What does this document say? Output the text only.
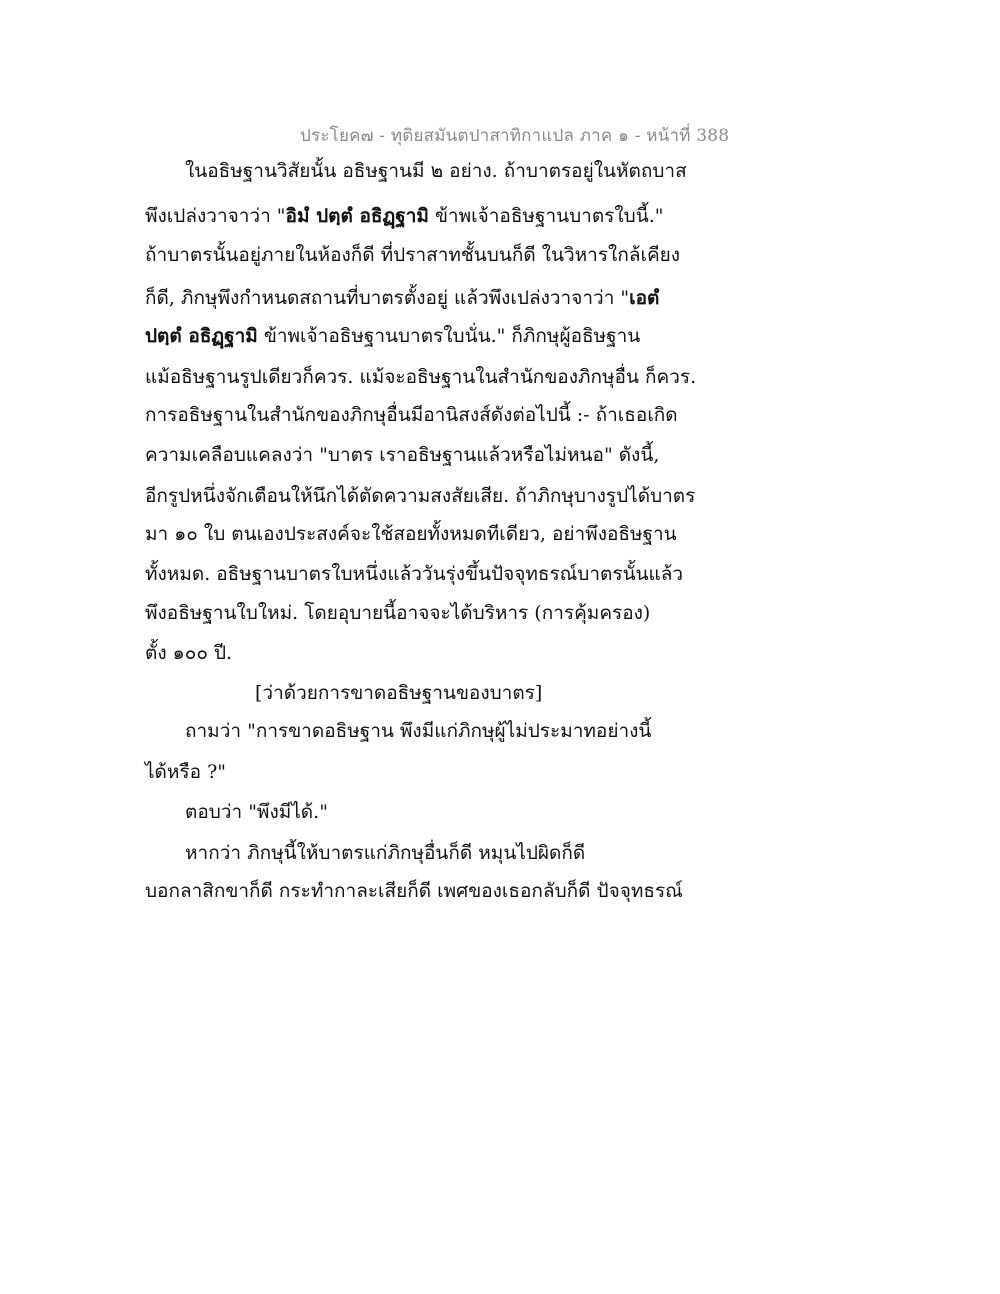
ประโยค๗ - ทุติยสมันตปาสาทิกาแปล ภาค ๑ - หน้าที่ 388
ในอธิษฐานวิสัยนั้น อธิษฐานมี ๒ อย่าง. ถ้าบาตรอยู่ในหัตถบาส
พึงเปล่งวาจาว่า "อิมํ ปตฺตํ อธิฏฺฐามิ ข้าพเจ้าอธิษฐานบาตรใบนี้."
ถ้าบาตรนั้นอยู่ภายในห้องก็ดี ที่ปราสาทชั้นบนก็ดี ในวิหารใกล้เคียง
ก็ดี, ภิกษุพึงกำหนดสถานที่บาตรตั้งอยู่ แล้วพึงเปล่งวาจาว่า "เอตํ
ปตฺตํ อธิฏฺฐามิ ข้าพเจ้าอธิษฐานบาตรใบนั่น." ก็ภิกษุผู้อธิษฐาน
แม้อธิษฐานรูปเดียวก็ควร. แม้จะอธิษฐานในสำนักของภิกษุอื่น ก็ควร.
การอธิษฐานในสำนักของภิกษุอื่นมีอานิสงส์ดังต่อไปนี้ :- ถ้าเธอเกิด
ความเคลือบแคลงว่า "บาตร เราอธิษฐานแล้วหรือไม่หนอ" ดังนี้,
อีกรูปหนึ่งจักเตือนให้นึกได้ตัดความสงสัยเสีย. ถ้าภิกษุบางรูปได้บาตร
มา ๑๐ ใบ ตนเองประสงค์จะใช้สอยทั้งหมดทีเดียว, อย่าพึงอธิษฐาน
ทั้งหมด. อธิษฐานบาตรใบหนึ่งแล้ววันรุ่งขึ้นปัจจุทธรณ์บาตรนั้นแล้ว
พึงอธิษฐานใบใหม่. โดยอุบายนี้อาจจะได้บริหาร (การคุ้มครอง)
ตั้ง ๑๐๐ ปี.
[ว่าด้วยการขาดอธิษฐานของบาตร]
ถามว่า "การขาดอธิษฐาน พึงมีแก่ภิกษุผู้ไม่ประมาทอย่างนี้
ได้หรือ ?"
ตอบว่า "พึงมีได้."
หากว่า ภิกษุนี้ให้บาตรแก่ภิกษุอื่นก็ดี หมุนไปผิดก็ดี
บอกลาสิกขาก็ดี กระทำกาละเสียก็ดี เพศของเธอกลับก็ดี ปัจจุทธรณ์
